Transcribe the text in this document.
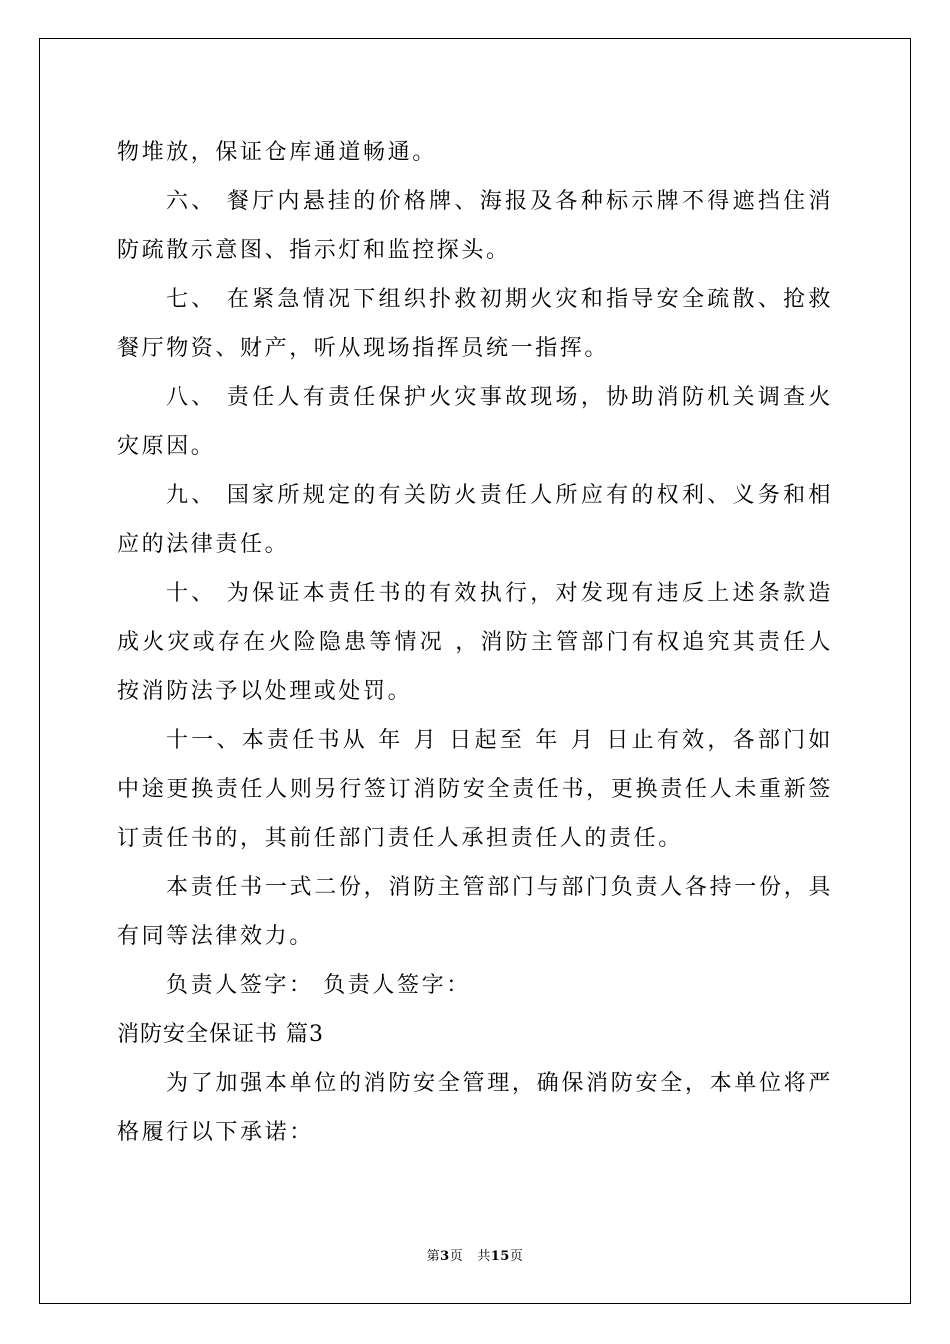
物堆放，保证仓库通道畅通。

六、 餐厅内悬挂的价格牌、海报及各种标示牌不得遮挡住消防疏散示意图、指示灯和监控探头。

七、 在紧急情况下组织扑救初期火灾和指导安全疏散、抢救餐厅物资、财产，听从现场指挥员统一指挥。

八、 责任人有责任保护火灾事故现场，协助消防机关调查火灾原因。

九、 国家所规定的有关防火责任人所应有的权利、义务和相应的法律责任。

十、 为保证本责任书的有效执行，对发现有违反上述条款造成火灾或存在火险隐患等情况 ，消防主管部门有权追究其责任人按消防法予以处理或处罚。

十一、本责任书从 年 月 日起至 年 月 日止有效，各部门如中途更换责任人则另行签订消防安全责任书，更换责任人未重新签订责任书的，其前任部门责任人承担责任人的责任。

本责任书一式二份，消防主管部门与部门负责人各持一份，具有同等法律效力。

负责人签字： 负责人签字：

消防安全保证书 篇3

为了加强本单位的消防安全管理，确保消防安全，本单位将严格履行以下承诺：

第3页 共15页
